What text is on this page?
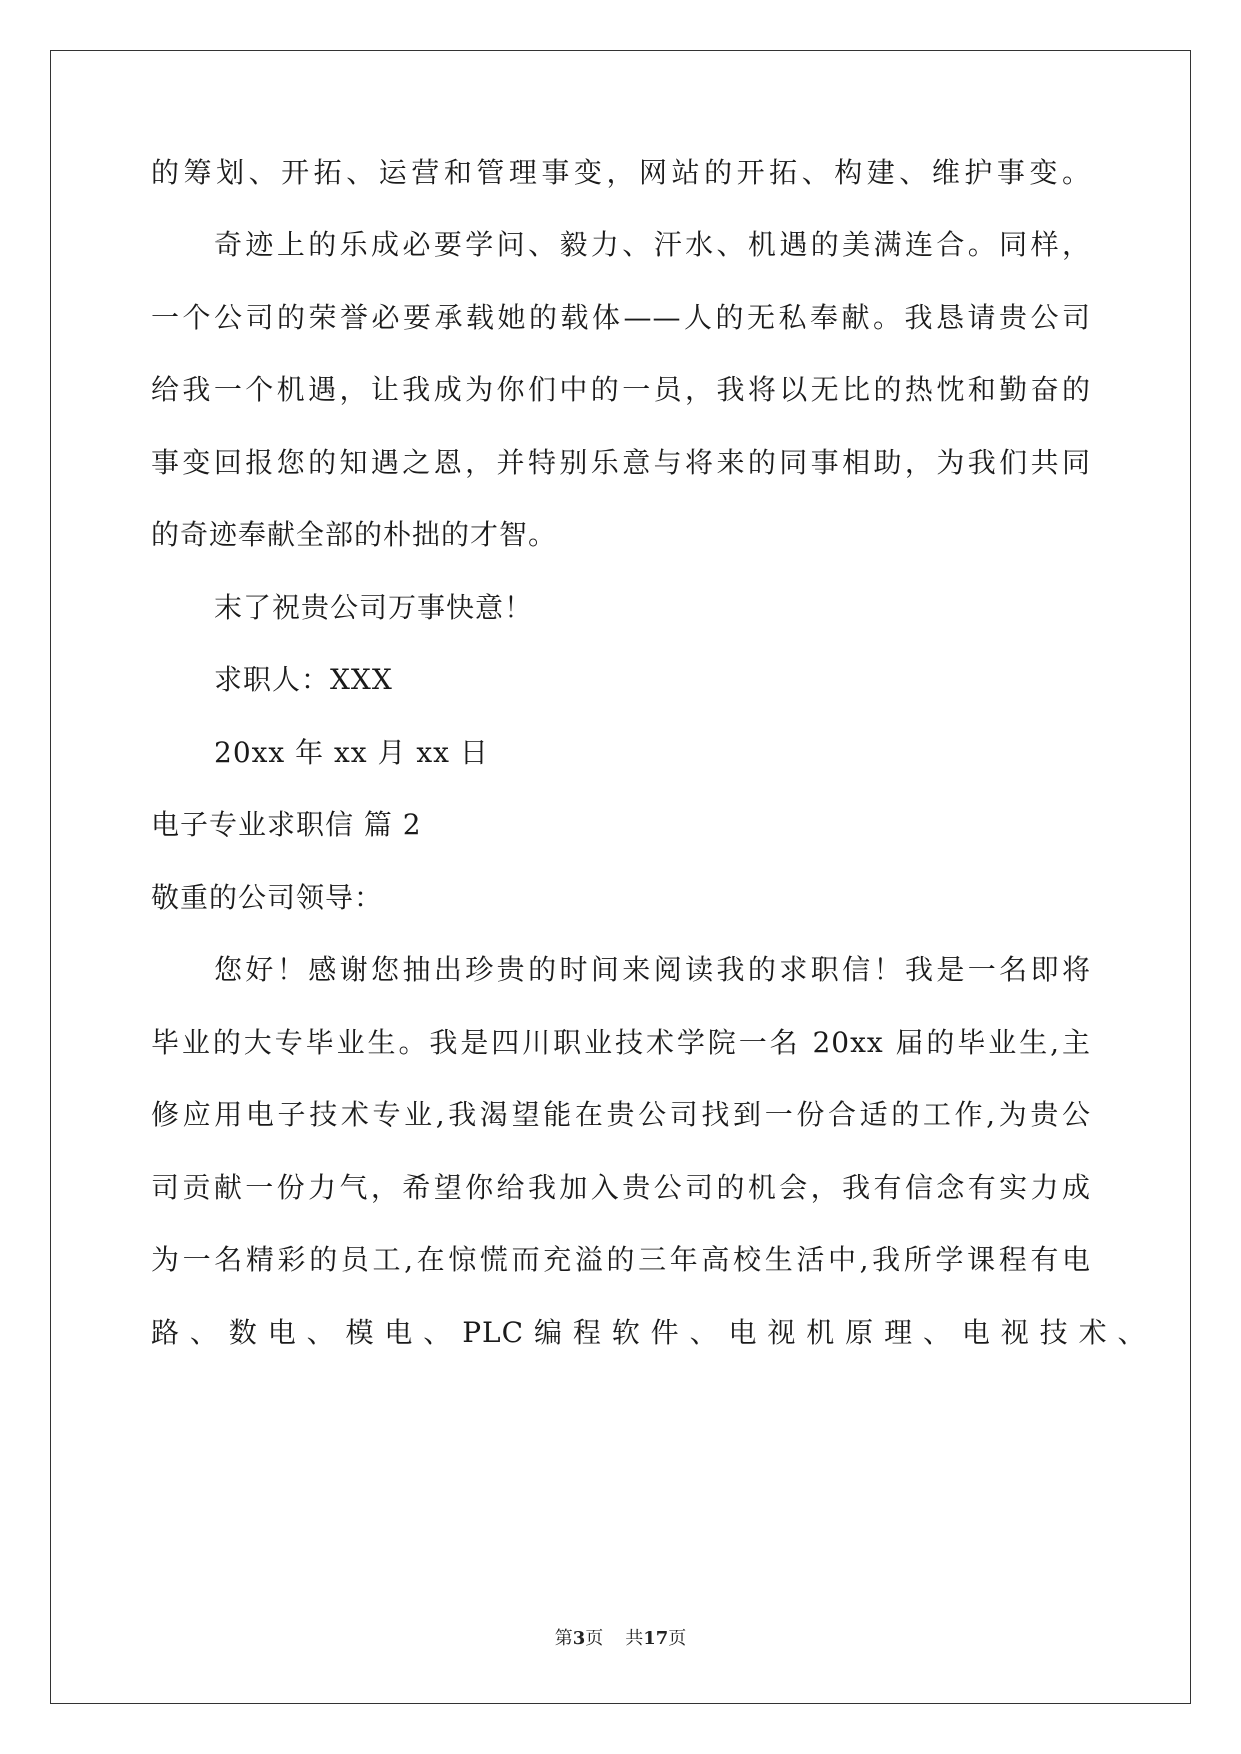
的筹划、开拓、运营和管理事变，网站的开拓、构建、维护事变。
奇迹上的乐成必要学问、毅力、汗水、机遇的美满连合。同样，
一个公司的荣誉必要承载她的载体——人的无私奉献。我恳请贵公司
给我一个机遇，让我成为你们中的一员，我将以无比的热忱和勤奋的
事变回报您的知遇之恩，并特别乐意与将来的同事相助，为我们共同
的奇迹奉献全部的朴拙的才智。
末了祝贵公司万事快意！
求职人：XXX
20xx 年 xx 月 xx 日
电子专业求职信 篇 2
敬重的公司领导：
您好！感谢您抽出珍贵的时间来阅读我的求职信！我是一名即将
毕业的大专毕业生。我是四川职业技术学院一名 20xx 届的毕业生,主
修应用电子技术专业,我渴望能在贵公司找到一份合适的工作,为贵公
司贡献一份力气，希望你给我加入贵公司的机会，我有信念有实力成
为一名精彩的员工,在惊慌而充溢的三年高校生活中,我所学课程有电
路 、 数 电 、 模 电 、 PLC 编 程 软 件 、 电 视 机 原 理 、 电 视 技 术 、
第3页 共17页
